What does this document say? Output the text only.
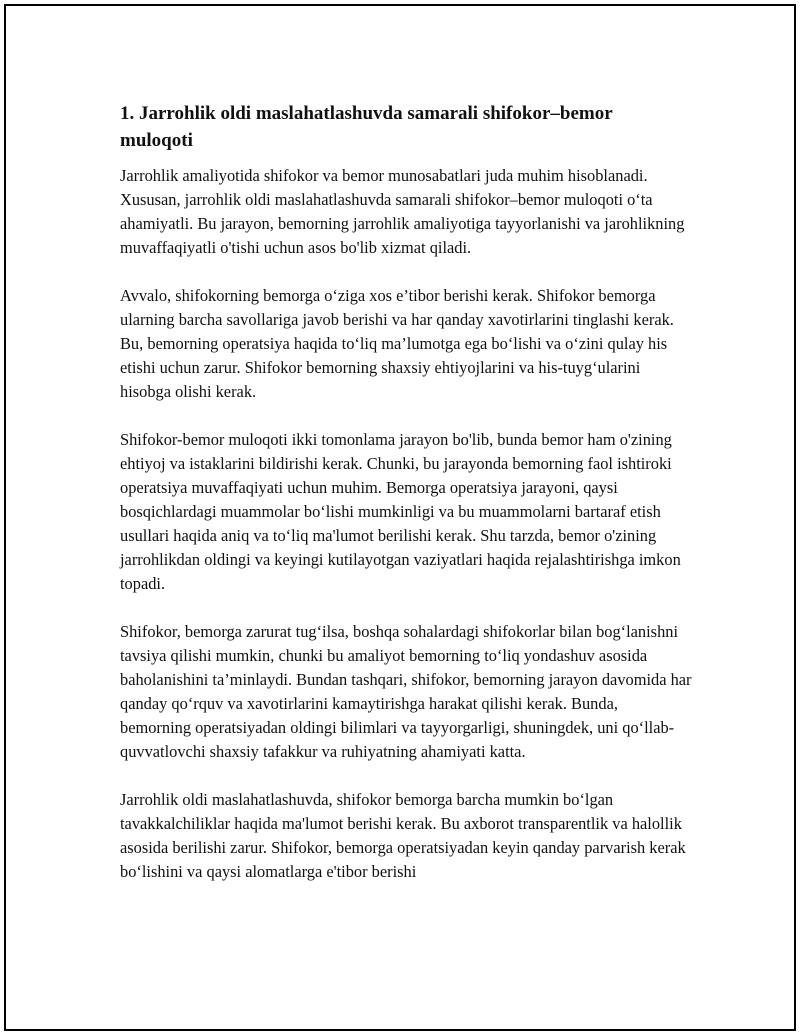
1. Jarrohlik oldi maslahatlashuvda samarali shifokor–bemor muloqoti

Jarrohlik amaliyotida shifokor va bemor munosabatlari juda muhim hisoblanadi. Xususan, jarrohlik oldi maslahatlashuvda samarali shifokor–bemor muloqoti o‘ta ahamiyatli. Bu jarayon, bemorning jarrohlik amaliyotiga tayyorlanishi va jarohlikning muvaffaqiyatli o'tishi uchun asos bo'lib xizmat qiladi.

Avvalo, shifokorning bemorga o‘ziga xos e’tibor berishi kerak. Shifokor bemorga ularning barcha savollariga javob berishi va har qanday xavotirlarini tinglashi kerak. Bu, bemorning operatsiya haqida to‘liq ma’lumotga ega bo‘lishi va o‘zini qulay his etishi uchun zarur. Shifokor bemorning shaxsiy ehtiyojlarini va his-tuyg‘ularini hisobga olishi kerak.

Shifokor-bemor muloqoti ikki tomonlama jarayon bo'lib, bunda bemor ham o'zining ehtiyoj va istaklarini bildirishi kerak. Chunki, bu jarayonda bemorning faol ishtiroki operatsiya muvaffaqiyati uchun muhim. Bemorga operatsiya jarayoni, qaysi bosqichlardagi muammolar bo‘lishi mumkinligi va bu muammolarni bartaraf etish usullari haqida aniq va to‘liq ma'lumot berilishi kerak. Shu tarzda, bemor o'zining jarrohlikdan oldingi va keyingi kutilayotgan vaziyatlari haqida rejalashtirishga imkon topadi.

Shifokor, bemorga zarurat tug‘ilsa, boshqa sohalardagi shifokorlar bilan bog‘lanishni tavsiya qilishi mumkin, chunki bu amaliyot bemorning to‘liq yondashuv asosida baholanishini ta’minlaydi. Bundan tashqari, shifokor, bemorning jarayon davomida har qanday qo‘rquv va xavotirlarini kamaytirishga harakat qilishi kerak. Bunda, bemorning operatsiyadan oldingi bilimlari va tayyorgarligi, shuningdek, uni qo‘llab-quvvatlovchi shaxsiy tafakkur va ruhiyatning ahamiyati katta.

Jarrohlik oldi maslahatlashuvda, shifokor bemorga barcha mumkin bo‘lgan tavakkalchiliklar haqida ma'lumot berishi kerak. Bu axborot transparentlik va halollik asosida berilishi zarur. Shifokor, bemorga operatsiyadan keyin qanday parvarish kerak bo‘lishini va qaysi alomatlarga e'tibor berishi
